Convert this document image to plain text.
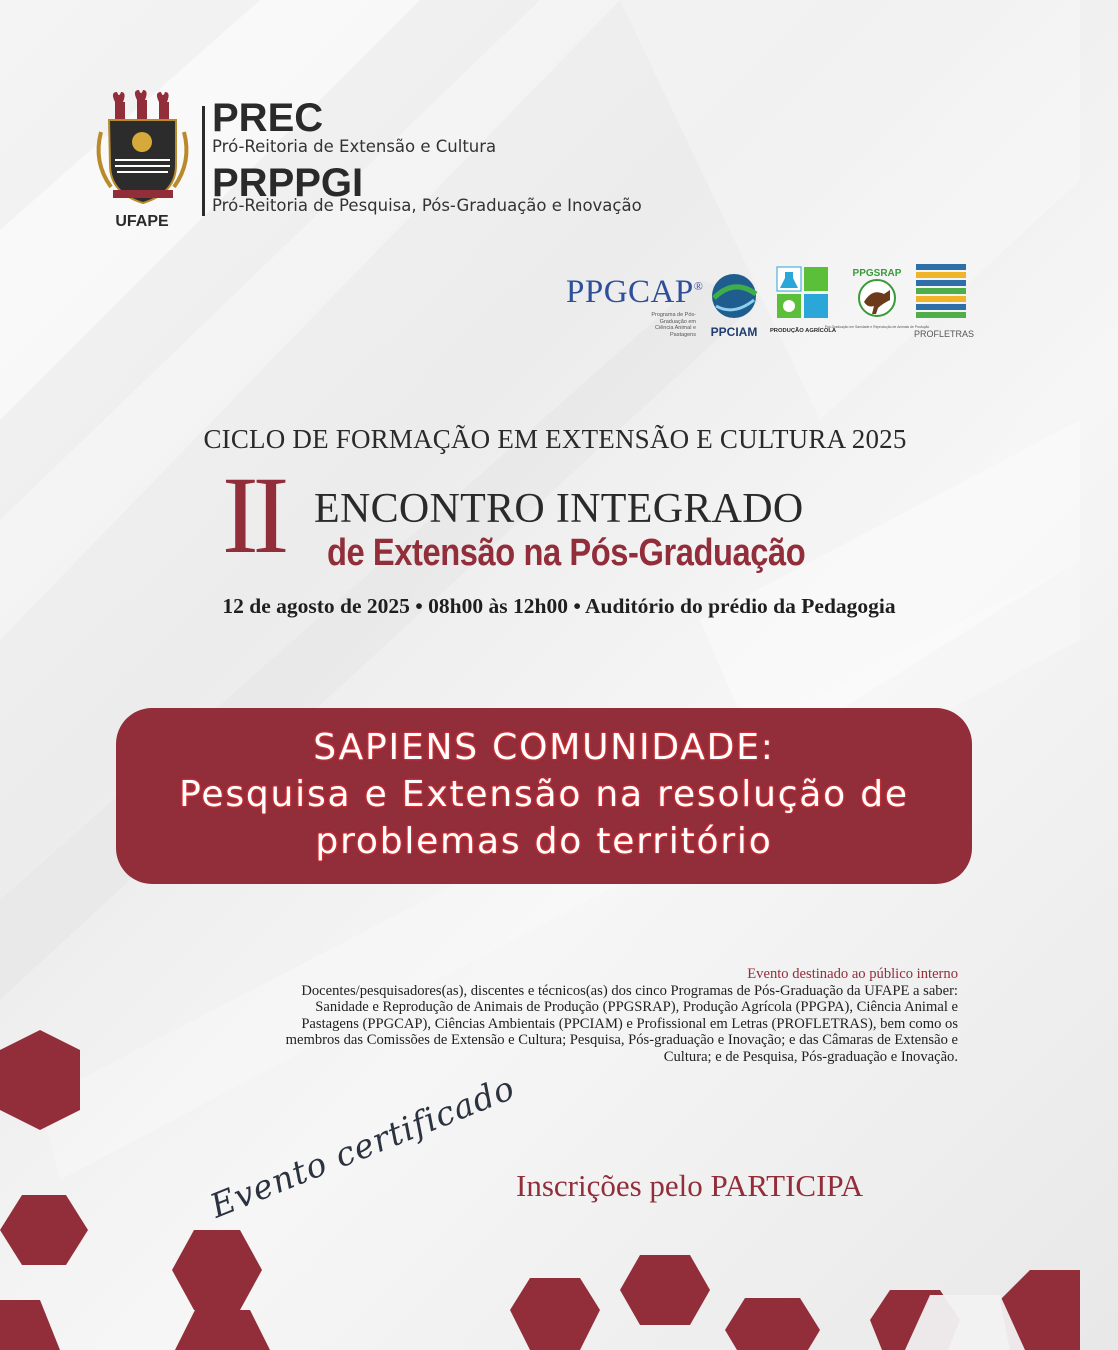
UFAPE
PREC
Pró-Reitoria de Extensão e Cultura
PRPPGI
Pró-Reitoria de Pesquisa, Pós-Graduação e Inovação
PPGCAP®
Programa de Pós-Graduação em Ciência Animal e Pastagens PPCIAM PRODUÇÃO AGRÍCOLA
PPGSRAP
Pós-Graduação em Sanidade e Reprodução de Animais de Produção
PROFLETRAS
CICLO DE FORMAÇÃO EM EXTENSÃO E CULTURA 2025
II ENCONTRO INTEGRADO
de Extensão na Pós-Graduação
12 de agosto de 2025 • 08h00 às 12h00 • Auditório do prédio da Pedagogia
SAPIENS COMUNIDADE:
Pesquisa e Extensão na resolução de
problemas do território
Evento destinado ao público interno
Docentes/pesquisadores(as), discentes e técnicos(as) dos cinco Programas de Pós-Graduação da UFAPE a saber:
Sanidade e Reprodução de Animais de Produção (PPGSRAP), Produção Agrícola (PPGPA), Ciência Animal e
Pastagens (PPGCAP), Ciências Ambientais (PPCIAM) e Profissional em Letras (PROFLETRAS), bem como os
membros das Comissões de Extensão e Cultura; Pesquisa, Pós-graduação e Inovação; e das Câmaras de Extensão e
Cultura; e de Pesquisa, Pós-graduação e Inovação.
Evento certificado
Inscrições pelo PARTICIPA
